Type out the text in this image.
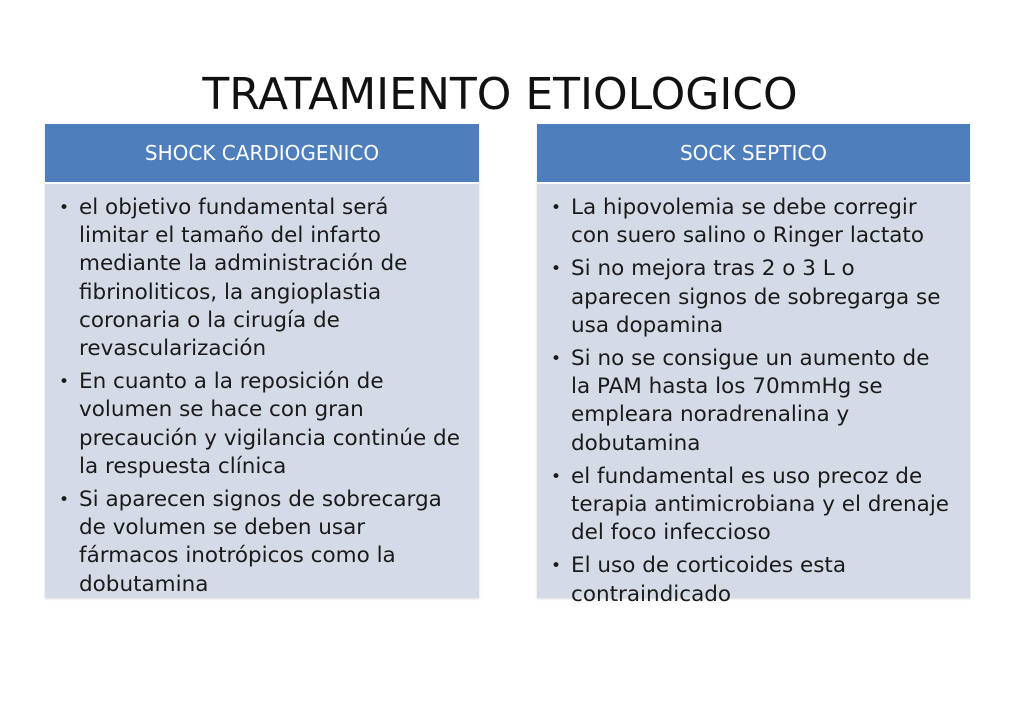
TRATAMIENTO ETIOLOGICO
SHOCK CARDIOGENICO
• el objetivo fundamental será limitar el tamaño del infarto mediante la administración de fibrinoliticos, la angioplastia coronaria o la cirugía de revascularización
• En cuanto a la reposición de volumen se hace con gran precaución y vigilancia continúe de la respuesta clínica
• Si aparecen signos de sobrecarga de volumen se deben usar fármacos inotrópicos como la dobutamina
SOCK SEPTICO
• La hipovolemia se debe corregir con suero salino o Ringer lactato
• Si no mejora tras 2 o 3 L o aparecen signos de sobregarga se usa dopamina
• Si no se consigue un aumento de la PAM hasta los 70mmHg se empleara noradrenalina y dobutamina
• el fundamental es uso precoz de terapia antimicrobiana y el drenaje del foco infeccioso
• El uso de corticoides esta contraindicado
